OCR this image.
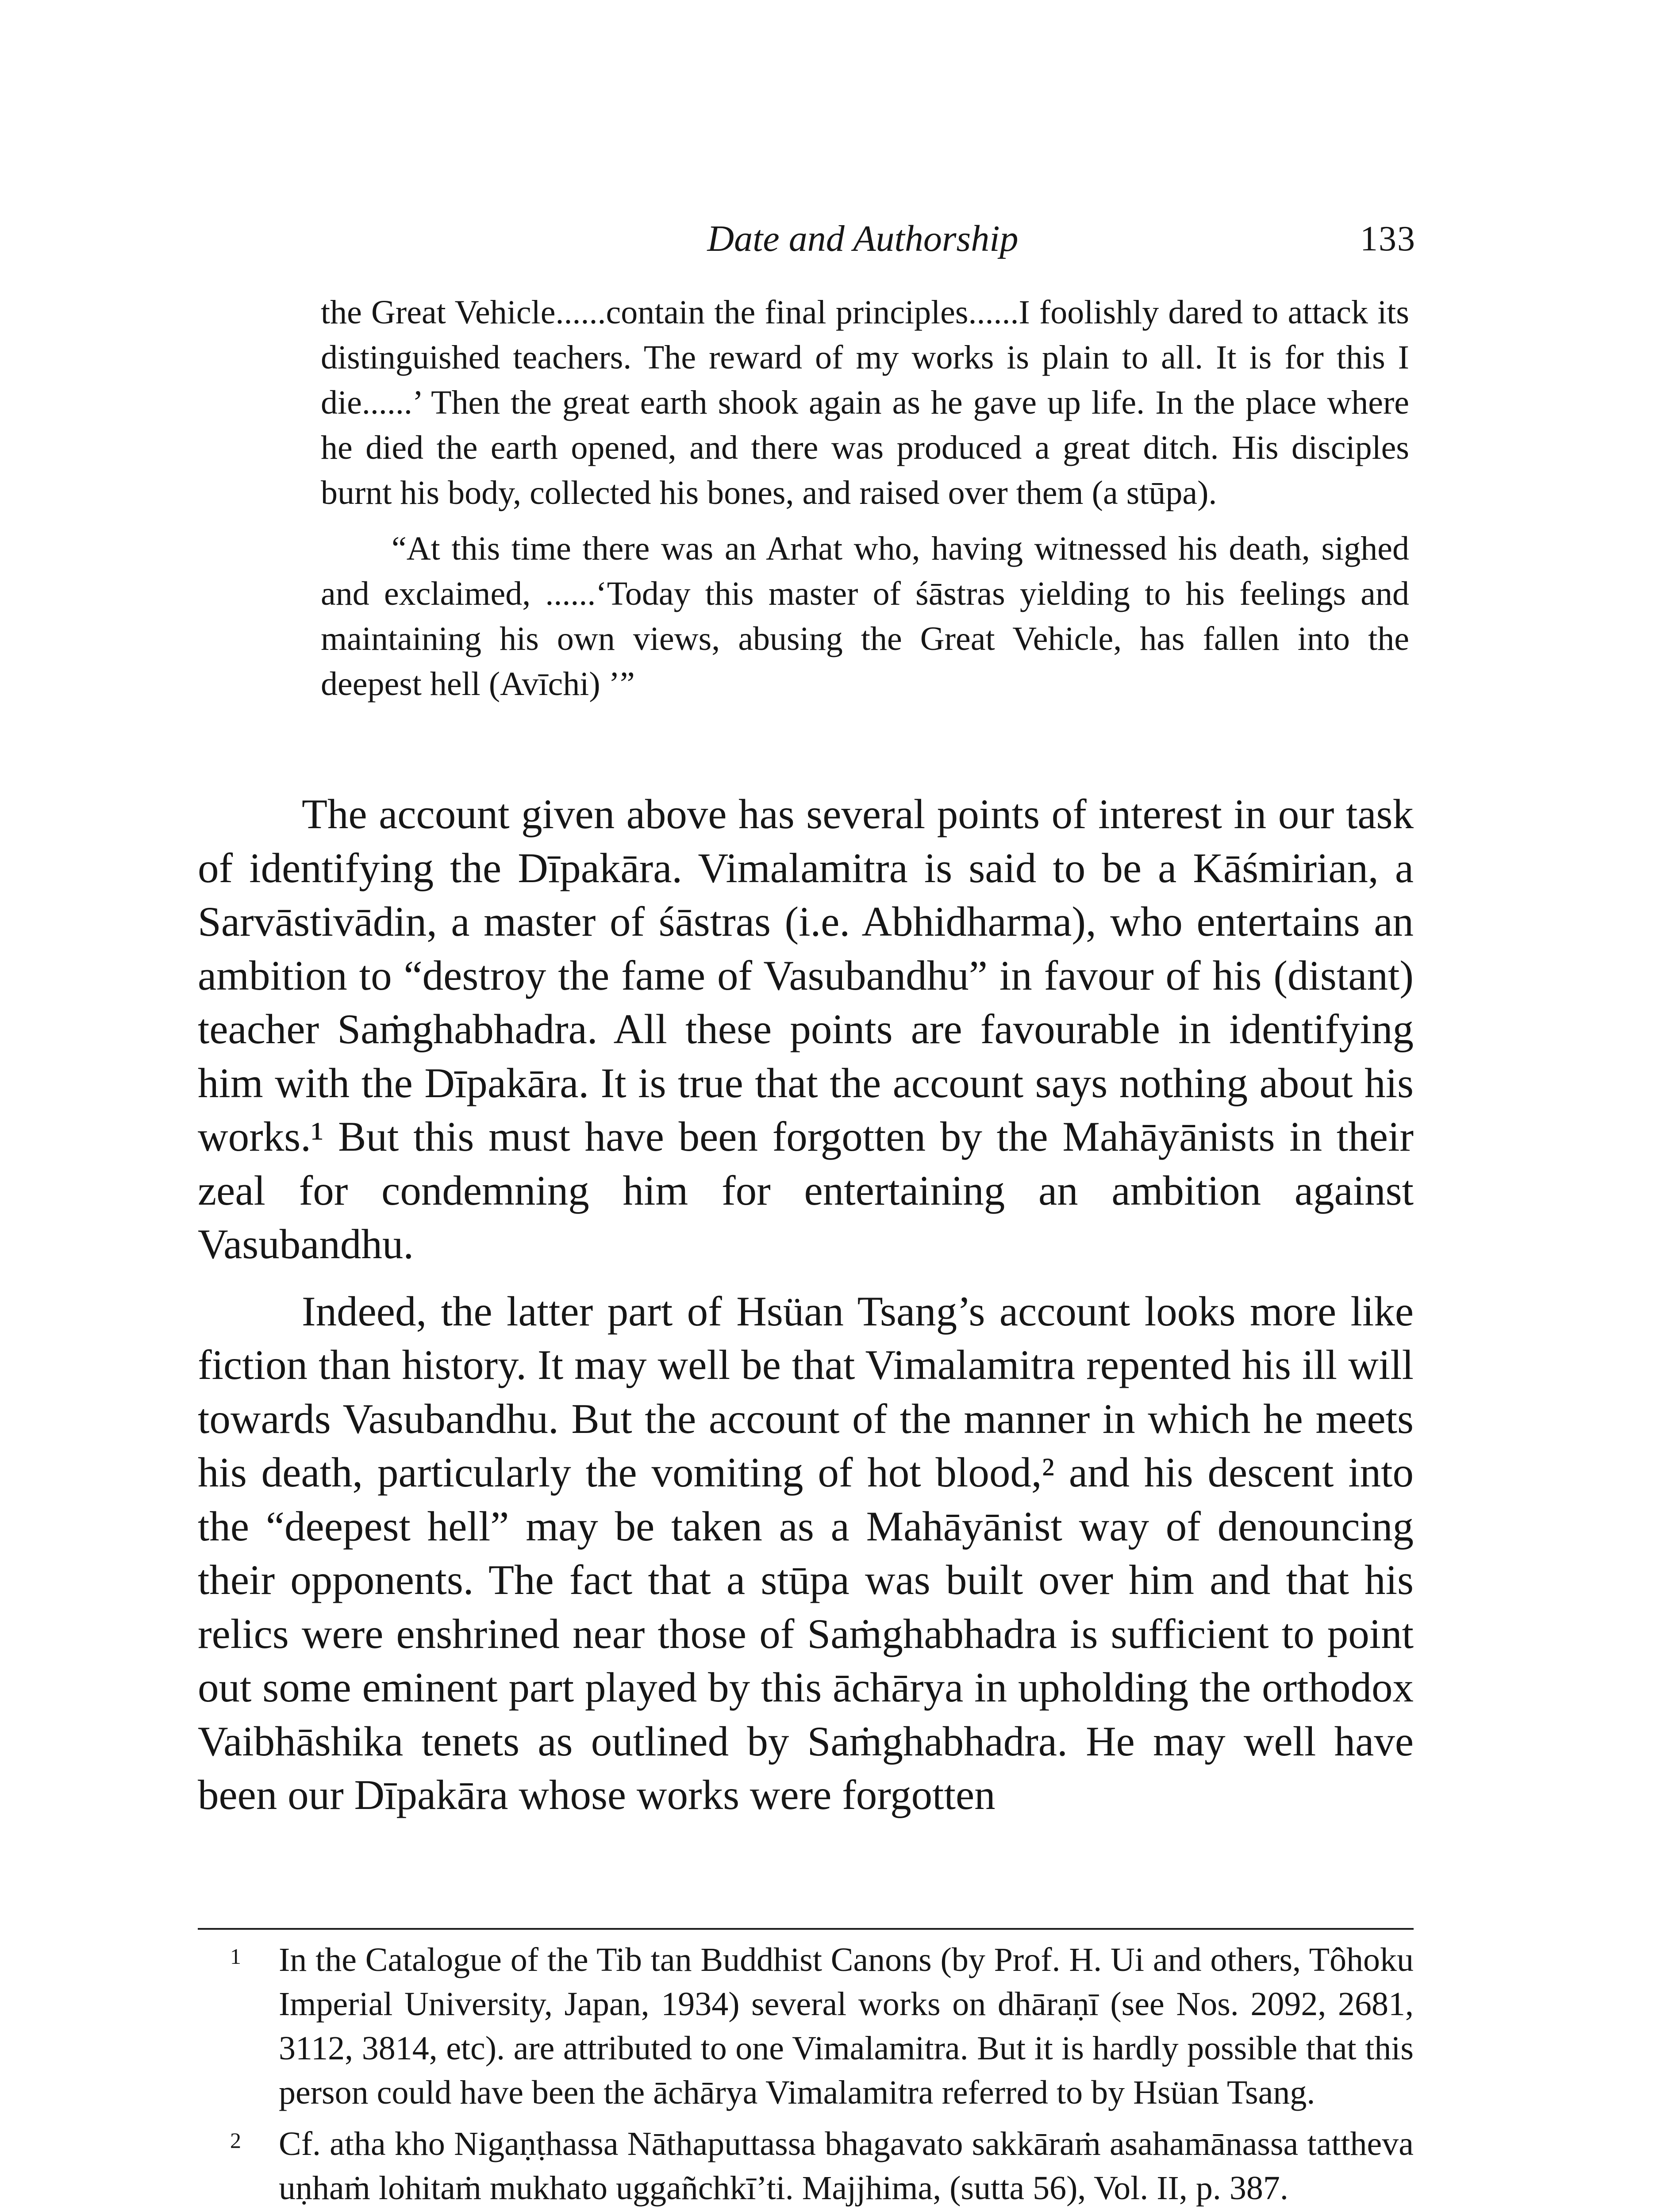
Date and Authorship	133

the Great Vehicle......contain the final principles......I foolishly dared to attack its distinguished teachers. The reward of my works is plain to all. It is for this I die......’ Then the great earth shook again as he gave up life. In the place where he died the earth opened, and there was produced a great ditch. His disciples burnt his body, collected his bones, and raised over them (a stūpa).

“At this time there was an Arhat who, having witnessed his death, sighed and exclaimed, ......‘Today this master of śāstras yielding to his feelings and maintaining his own views, abusing the Great Vehicle, has fallen into the deepest hell (Avīchi) ’”

The account given above has several points of interest in our task of identifying the Dīpakāra. Vimalamitra is said to be a Kāśmirian, a Sarvāstivādin, a master of śāstras (i.e. Abhidharma), who entertains an ambition to “destroy the fame of Vasubandhu” in favour of his (distant) teacher Saṁghabhadra. All these points are favourable in identifying him with the Dīpakāra. It is true that the account says nothing about his works.¹ But this must have been forgotten by the Mahāyānists in their zeal for condemning him for entertaining an ambition against Vasubandhu.

Indeed, the latter part of Hsüan Tsang’s account looks more like fiction than history. It may well be that Vimalamitra repented his ill will towards Vasubandhu. But the account of the manner in which he meets his death, particularly the vomiting of hot blood,² and his descent into the “deepest hell” may be taken as a Mahāyānist way of denouncing their opponents. The fact that a stūpa was built over him and that his relics were enshrined near those of Saṁghabhadra is sufficient to point out some eminent part played by this āchārya in upholding the orthodox Vaibhāshika tenets as outlined by Saṁghabhadra. He may well have been our Dīpakāra whose works were forgotten

1 In the Catalogue of the Tib tan Buddhist Canons (by Prof. H. Ui and others, Tôhoku Imperial University, Japan, 1934) several works on dhāraṇī (see Nos. 2092, 2681, 3112, 3814, etc). are attributed to one Vimalamitra. But it is hardly possible that this person could have been the āchārya Vimalamitra referred to by Hsüan Tsang.

2 Cf. atha kho Nigaṇṭhassa Nāthaputtassa bhagavato sakkāraṁ asahamānassa tattheva uṇhaṁ lohitaṁ mukhato uggañchkī’ti. Majjhima, (sutta 56), Vol. II, p. 387.
